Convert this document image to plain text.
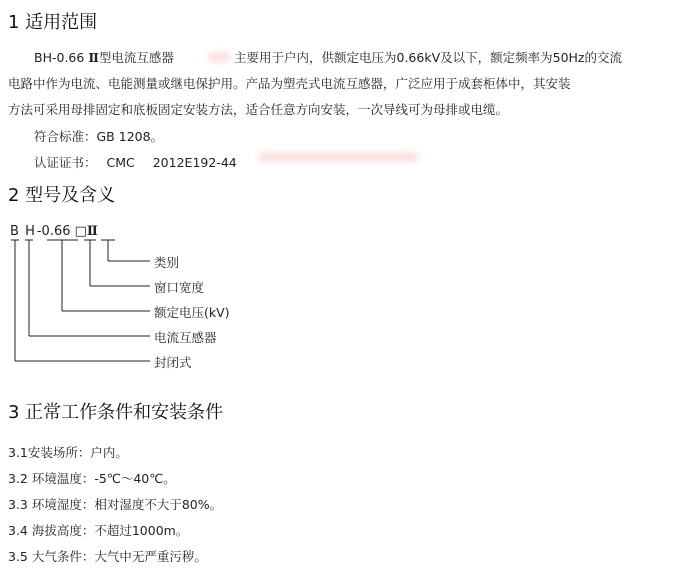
1 适用范围
BH-0.66 Ⅱ型电流互感器	主要用于户内，供额定电压为0.66kV及以下，额定频率为50Hz的交流
电路中作为电流、电能测量或继电保护用。产品为塑壳式电流互感器，广泛应用于成套柜体中，其安装
方法可采用母排固定和底板固定安装方法，适合任意方向安装，一次导线可为母排或电缆。
符合标准：GB 1208。
认证证书： CMC 2012E192-44
2 型号及含义
B H -0.66 □Ⅱ
类别
窗口宽度
额定电压(kV)
电流互感器
封闭式
3 正常工作条件和安装条件
3.1安装场所：户内。
3.2 环境温度：-5℃～40℃。
3.3 环境湿度：相对湿度不大于80%。
3.4 海拔高度：不超过1000m。
3.5 大气条件：大气中无严重污秽。
